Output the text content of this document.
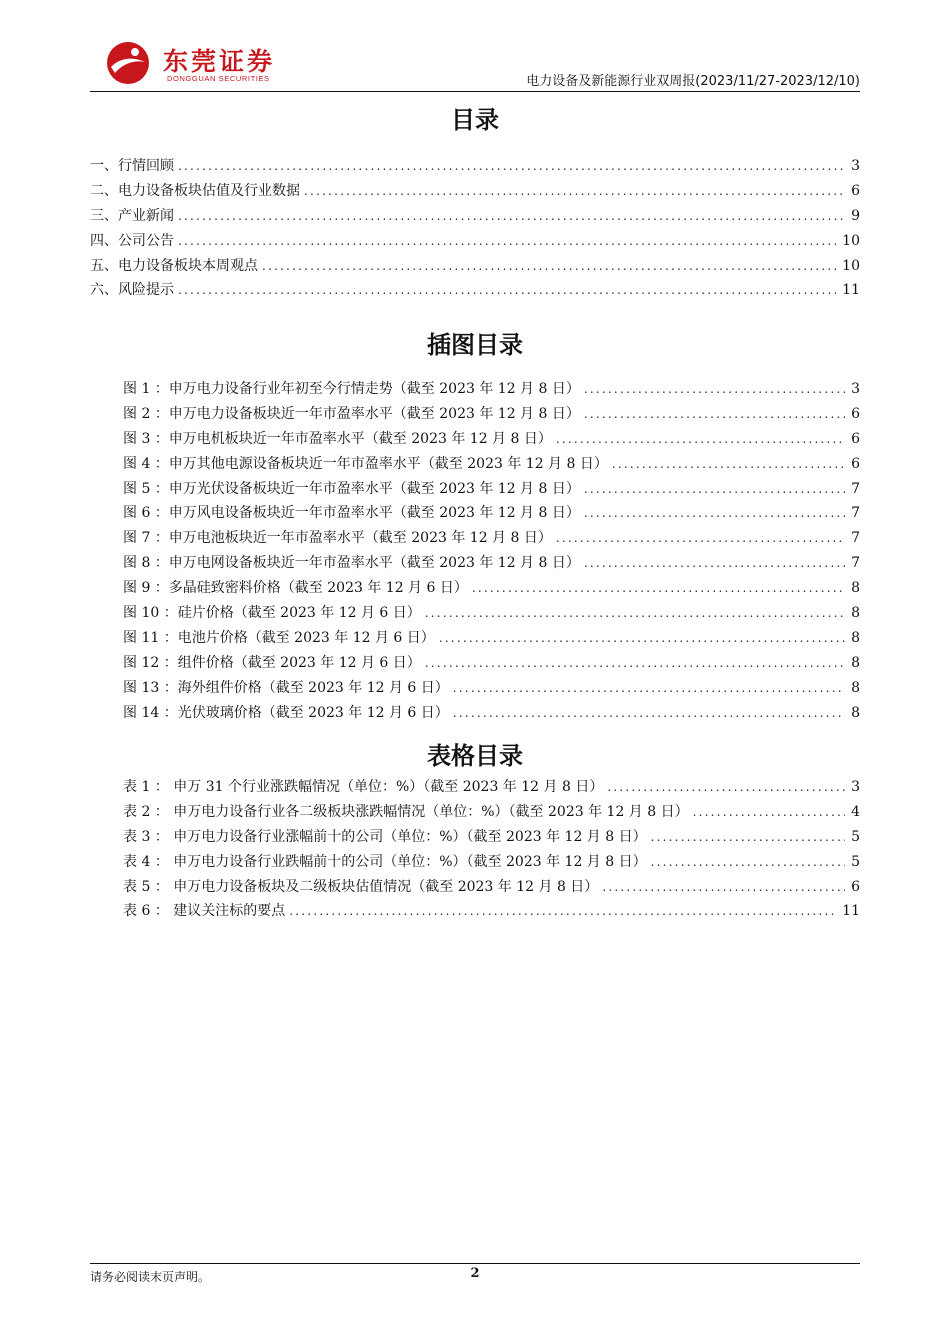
东莞证券
DONGGUAN SECURITIES	电力设备及新能源行业双周报(2023/11/27-2023/12/10)
目录
一、行情回顾 .....	3
二、电力设备板块估值及行业数据 .....	6
三、产业新闻 .....	9
四、公司公告 .....	10
五、电力设备板块本周观点 .....	10
六、风险提示 .....	11
插图目录
图 1 ：申万电力设备行业年初至今行情走势（截至 2023 年 12 月 8 日） .....	3
图 2 ：申万电力设备板块近一年市盈率水平（截至 2023 年 12 月 8 日） .....	6
图 3 ：申万电机板块近一年市盈率水平（截至 2023 年 12 月 8 日） .....	6
图 4 ：申万其他电源设备板块近一年市盈率水平（截至 2023 年 12 月 8 日） .....	6
图 5 ：申万光伏设备板块近一年市盈率水平（截至 2023 年 12 月 8 日） .....	7
图 6 ：申万风电设备板块近一年市盈率水平（截至 2023 年 12 月 8 日） .....	7
图 7 ：申万电池板块近一年市盈率水平（截至 2023 年 12 月 8 日） .....	7
图 8 ：申万电网设备板块近一年市盈率水平（截至 2023 年 12 月 8 日） .....	7
图 9 ：多晶硅致密料价格（截至 2023 年 12 月 6 日） .....	8
图 10 ：硅片价格（截至 2023 年 12 月 6 日） .....	8
图 11 ：电池片价格（截至 2023 年 12 月 6 日） .....	8
图 12 ：组件价格（截至 2023 年 12 月 6 日） .....	8
图 13 ：海外组件价格（截至 2023 年 12 月 6 日） .....	8
图 14 ：光伏玻璃价格（截至 2023 年 12 月 6 日） .....	8
表格目录
表 1 ： 申万 31 个行业涨跌幅情况（单位：%）（截至 2023 年 12 月 8 日） .....	3
表 2 ： 申万电力设备行业各二级板块涨跌幅情况（单位：%）（截至 2023 年 12 月 8 日） .....	4
表 3 ： 申万电力设备行业涨幅前十的公司（单位：%）（截至 2023 年 12 月 8 日） .....	5
表 4 ： 申万电力设备行业跌幅前十的公司（单位：%）（截至 2023 年 12 月 8 日） .....	5
表 5 ： 申万电力设备板块及二级板块估值情况（截至 2023 年 12 月 8 日） .....	6
表 6 ： 建议关注标的要点 .....	11
请务必阅读末页声明。	2
